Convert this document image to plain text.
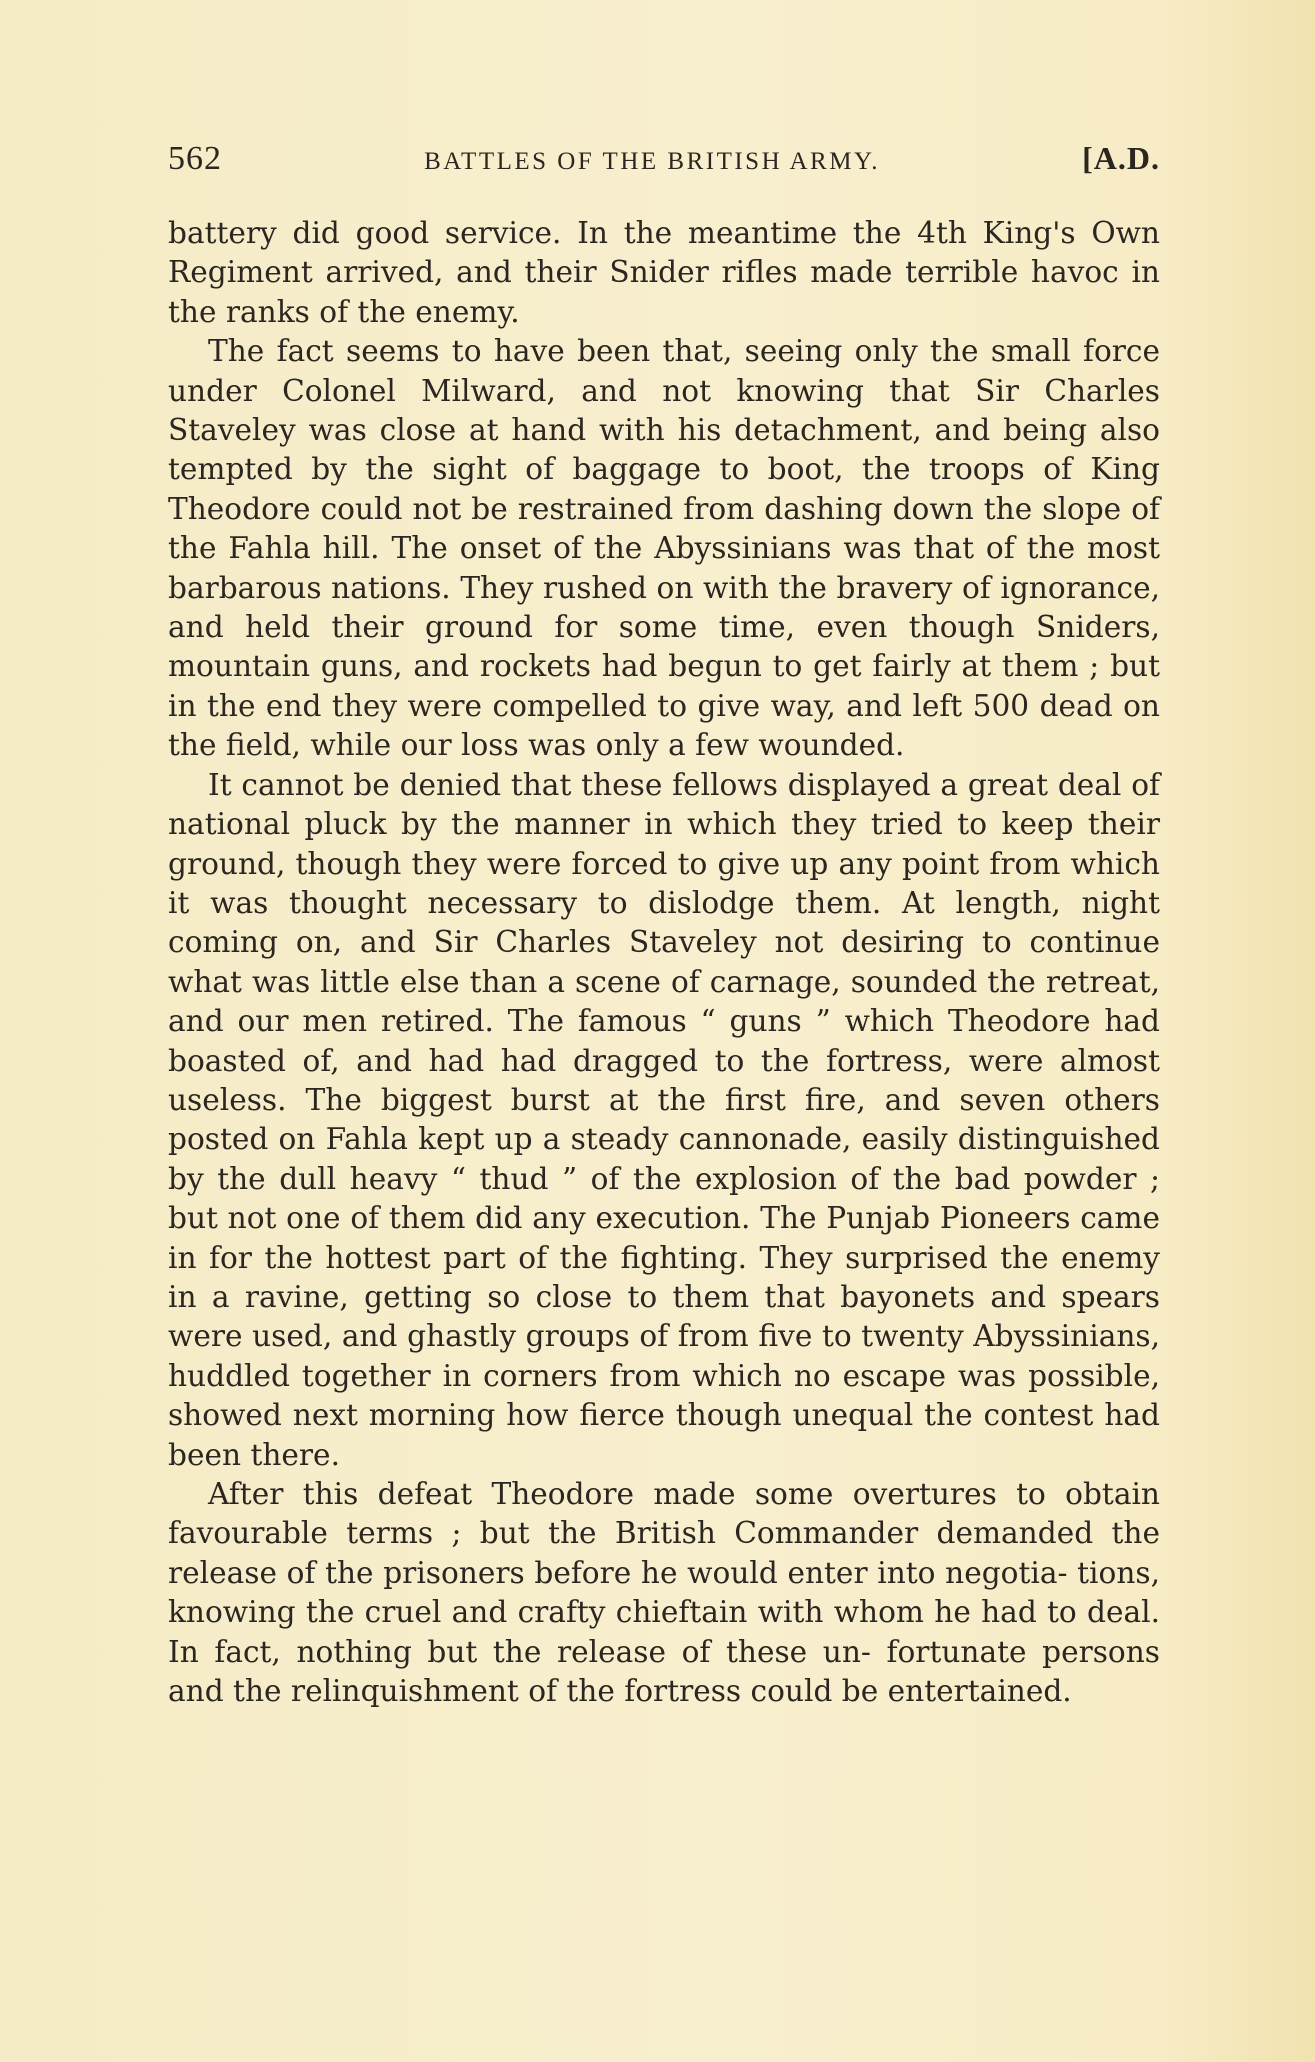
562	BATTLES OF THE BRITISH ARMY.	[A.D.

battery did good service. In the meantime the 4th King's Own Regiment arrived, and their Snider rifles made terrible havoc in the ranks of the enemy.

The fact seems to have been that, seeing only the small force under Colonel Milward, and not knowing that Sir Charles Staveley was close at hand with his detachment, and being also tempted by the sight of baggage to boot, the troops of King Theodore could not be restrained from dashing down the slope of the Fahla hill. The onset of the Abyssinians was that of the most barbarous nations. They rushed on with the bravery of ignorance, and held their ground for some time, even though Sniders, mountain guns, and rockets had begun to get fairly at them ; but in the end they were compelled to give way, and left 500 dead on the field, while our loss was only a few wounded.

It cannot be denied that these fellows displayed a great deal of national pluck by the manner in which they tried to keep their ground, though they were forced to give up any point from which it was thought necessary to dislodge them. At length, night coming on, and Sir Charles Staveley not desiring to continue what was little else than a scene of carnage, sounded the retreat, and our men retired. The famous “ guns ” which Theodore had boasted of, and had had dragged to the fortress, were almost useless. The biggest burst at the first fire, and seven others posted on Fahla kept up a steady cannonade, easily distinguished by the dull heavy “ thud ” of the explosion of the bad powder ; but not one of them did any execution. The Punjab Pioneers came in for the hottest part of the fighting. They surprised the enemy in a ravine, getting so close to them that bayonets and spears were used, and ghastly groups of from five to twenty Abyssinians, huddled together in corners from which no escape was possible, showed next morning how fierce though unequal the contest had been there.

After this defeat Theodore made some overtures to obtain favourable terms ; but the British Commander demanded the release of the prisoners before he would enter into negotia- tions, knowing the cruel and crafty chieftain with whom he had to deal. In fact, nothing but the release of these un- fortunate persons and the relinquishment of the fortress could be entertained.
